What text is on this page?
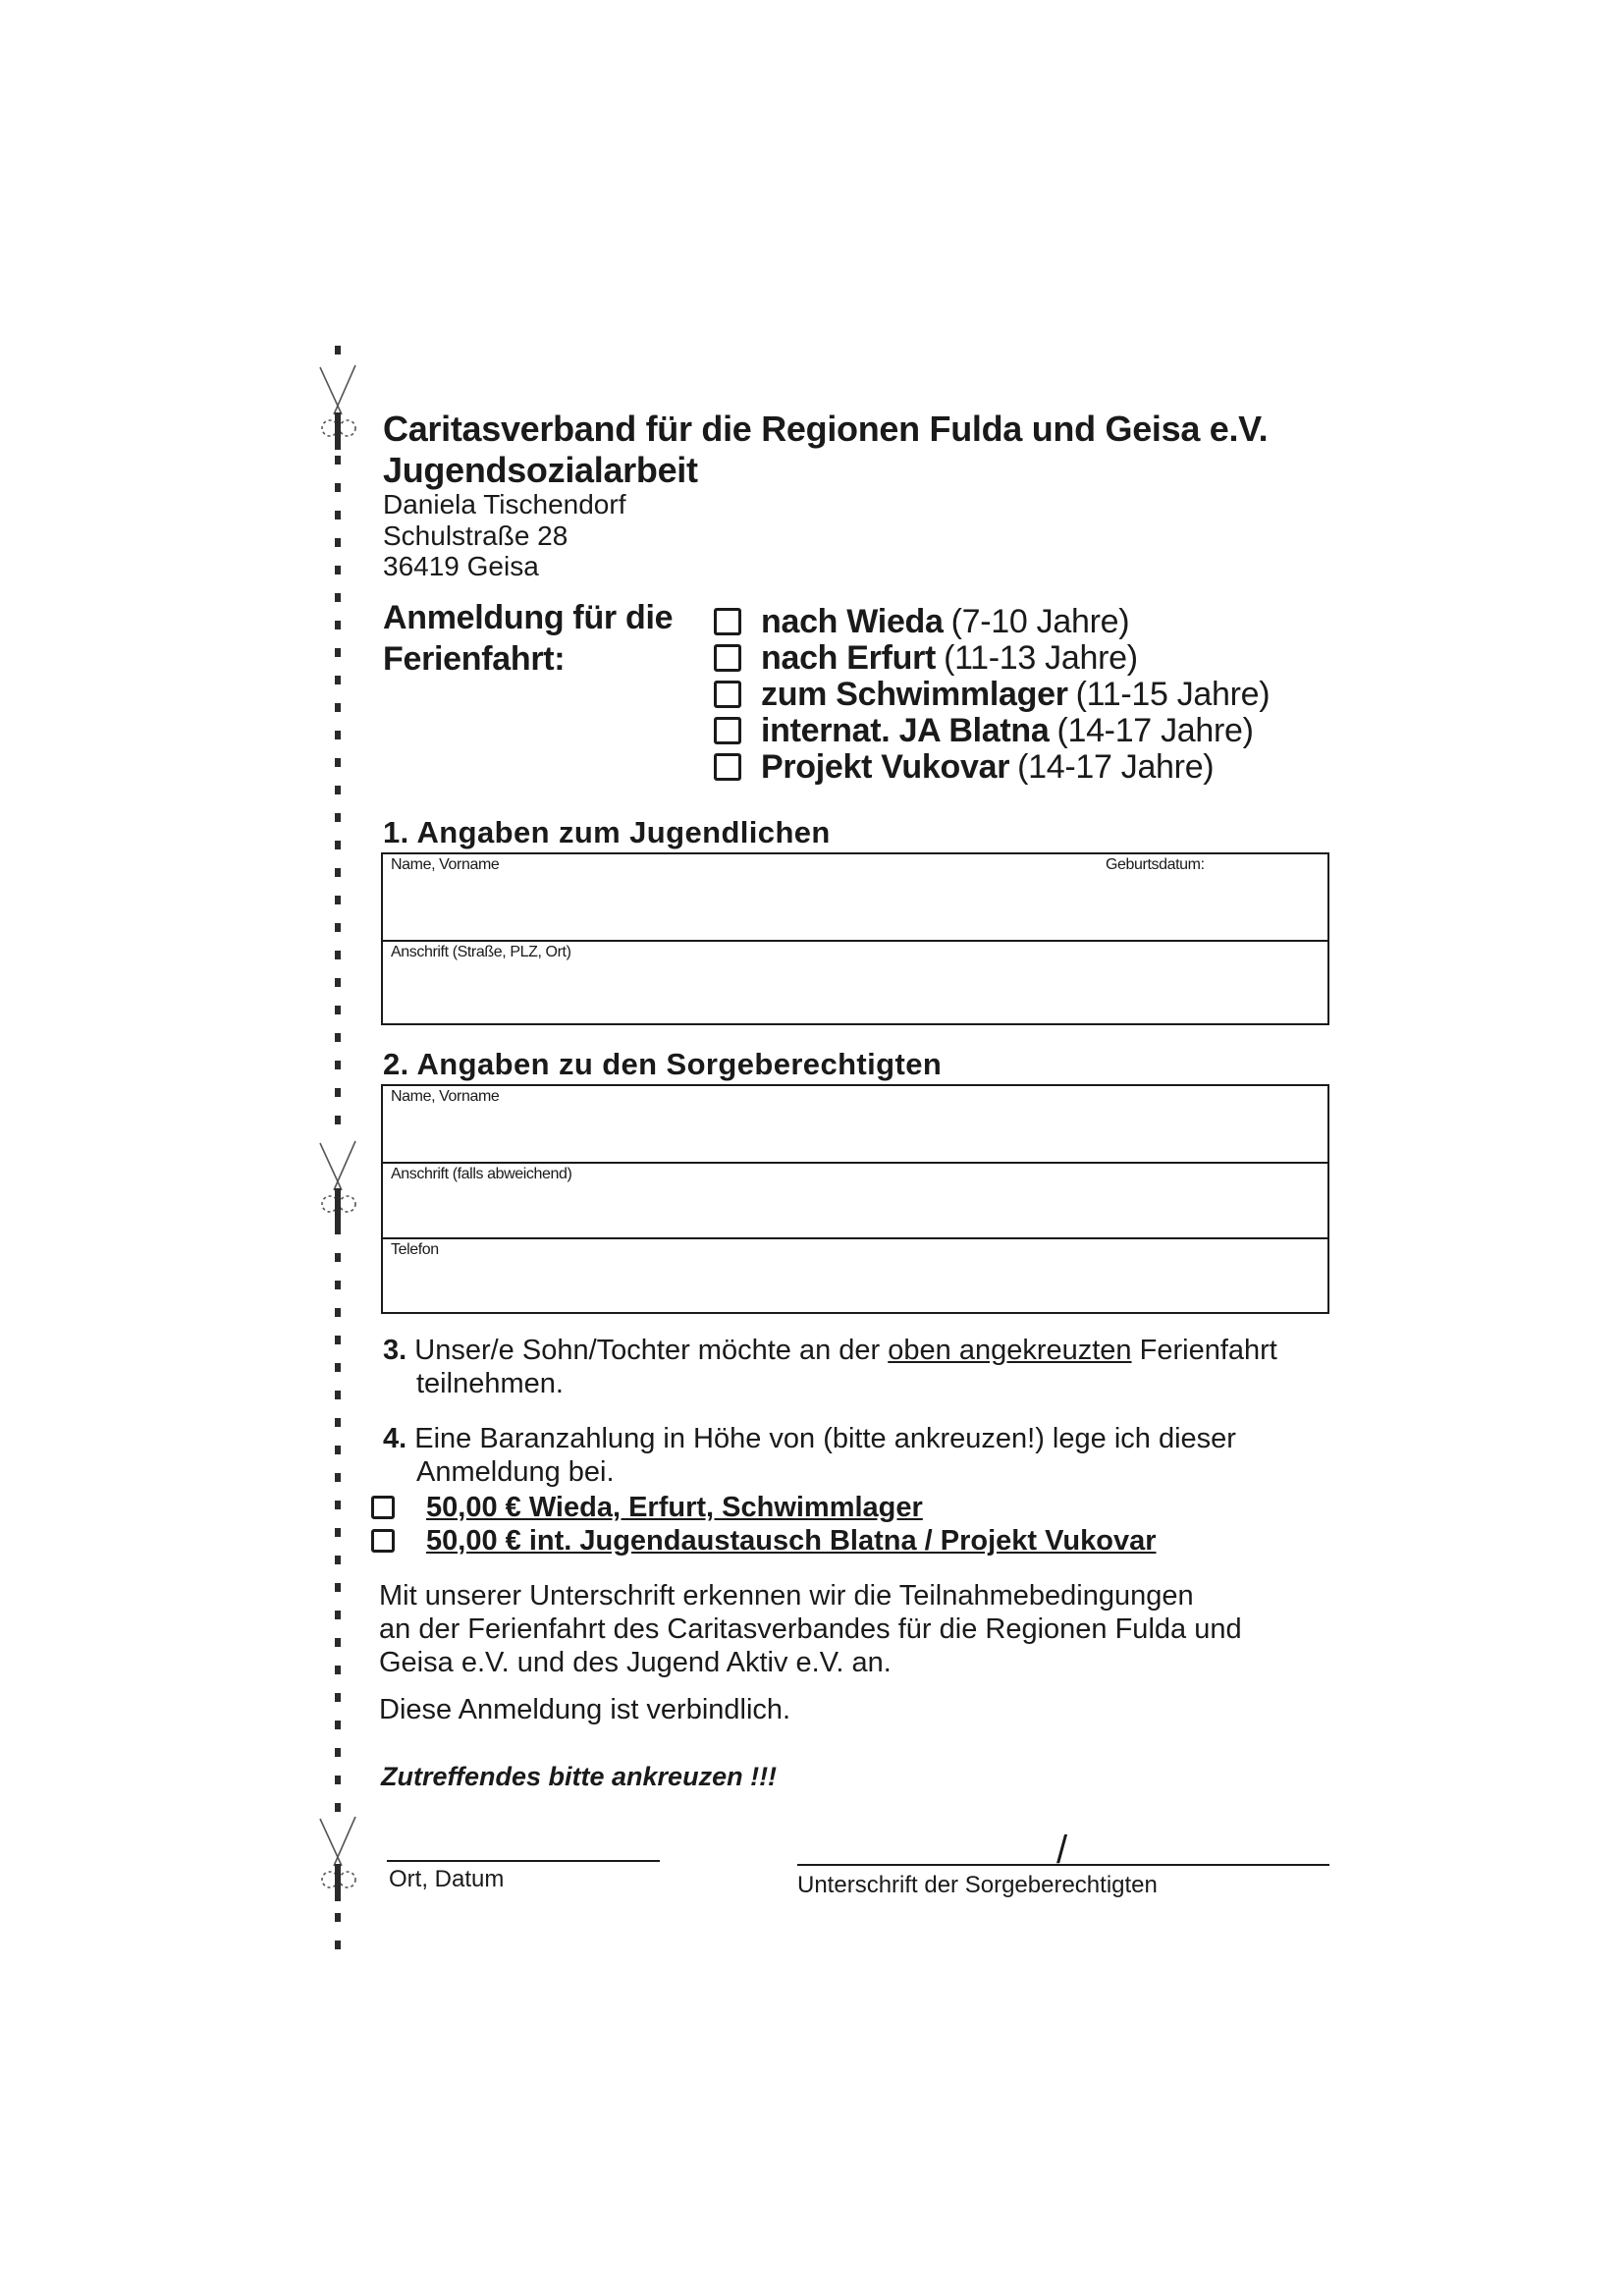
Caritasverband für die Regionen Fulda und Geisa e.V.
Jugendsozialarbeit
Daniela Tischendorf
Schulstraße 28
36419 Geisa
Anmeldung für die
Ferienfahrt:
nach Wieda (7-10 Jahre)
nach Erfurt (11-13 Jahre)
zum Schwimmlager (11-15 Jahre)
internat. JA Blatna (14-17 Jahre)
Projekt Vukovar (14-17 Jahre)
1. Angaben zum Jugendlichen
Name, Vorname	Geburtsdatum:
Anschrift (Straße, PLZ, Ort)
2. Angaben zu den Sorgeberechtigten
Name, Vorname
Anschrift (falls abweichend)
Telefon
3. Unser/e Sohn/Tochter möchte an der oben angekreuzten Ferienfahrt
teilnehmen.
4. Eine Baranzahlung in Höhe von (bitte ankreuzen!) lege ich dieser
Anmeldung bei.
50,00 € Wieda, Erfurt, Schwimmlager
50,00 € int. Jugendaustausch Blatna / Projekt Vukovar
Mit unserer Unterschrift erkennen wir die Teilnahmebedingungen
an der Ferienfahrt des Caritasverbandes für die Regionen Fulda und
Geisa e.V. und des Jugend Aktiv e.V. an.
Diese Anmeldung ist verbindlich.
Zutreffendes bitte ankreuzen !!!
Ort, Datum
/
Unterschrift der Sorgeberechtigten
